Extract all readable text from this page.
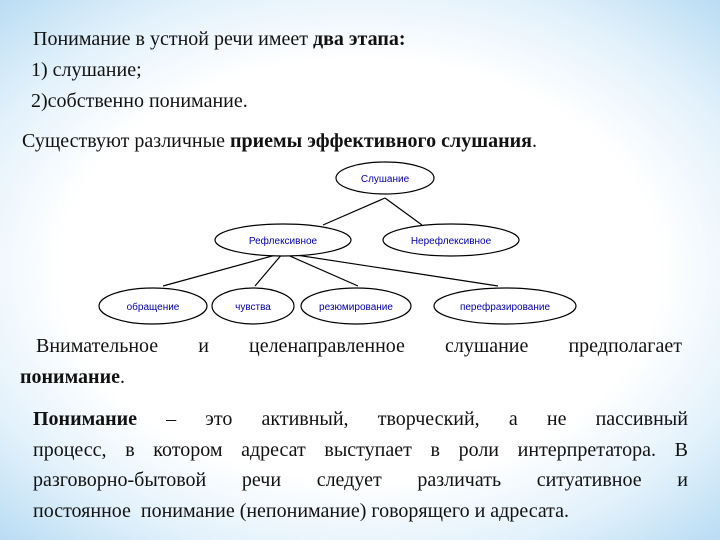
Понимание в устной речи имеет два этапа:
1) слушание;
2)собственно понимание.
Существуют различные приемы эффективного слушания.
Слушание
Рефлексивное	Нерефлексивное
обращение	чувства	резюмирование	перефразирование
Внимательное и целенаправленное слушание предполагает
понимание.
Понимание – это активный, творческий, а не пассивный
процесс, в котором адресат выступает в роли интерпретатора. В
разговорно-бытовой речи следует различать ситуативное и
постоянное  понимание (непонимание) говорящего и адресата.
